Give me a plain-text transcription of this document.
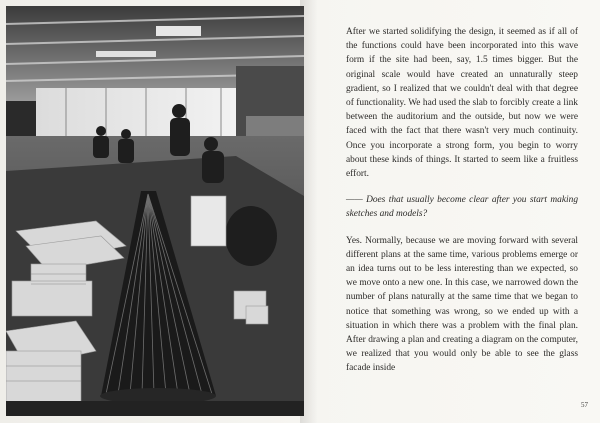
After we started solidifying the design, it seemed as if all of the functions could have been incorporated into this wave form if the site had been, say, 1.5 times bigger. But the original scale would have created an unnaturally steep gradient, so I realized that we couldn't deal with that degree of functionality. We had used the slab to forcibly create a link between the auditorium and the outside, but now we were faced with the fact that there wasn't very much continuity. Once you incorporate a strong form, you begin to worry about these kinds of things. It started to seem like a fruitless effort.

—— Does that usually become clear after you start making sketches and models?

Yes. Normally, because we are moving forward with several different plans at the same time, various problems emerge or an idea turns out to be less interesting than we expected, so we move onto a new one. In this case, we narrowed down the number of plans naturally at the same time that we began to notice that something was wrong, so we ended up with a situation in which there was a problem with the final plan. After drawing a plan and creating a diagram on the computer, we realized that you would only be able to see the glass facade inside

57
